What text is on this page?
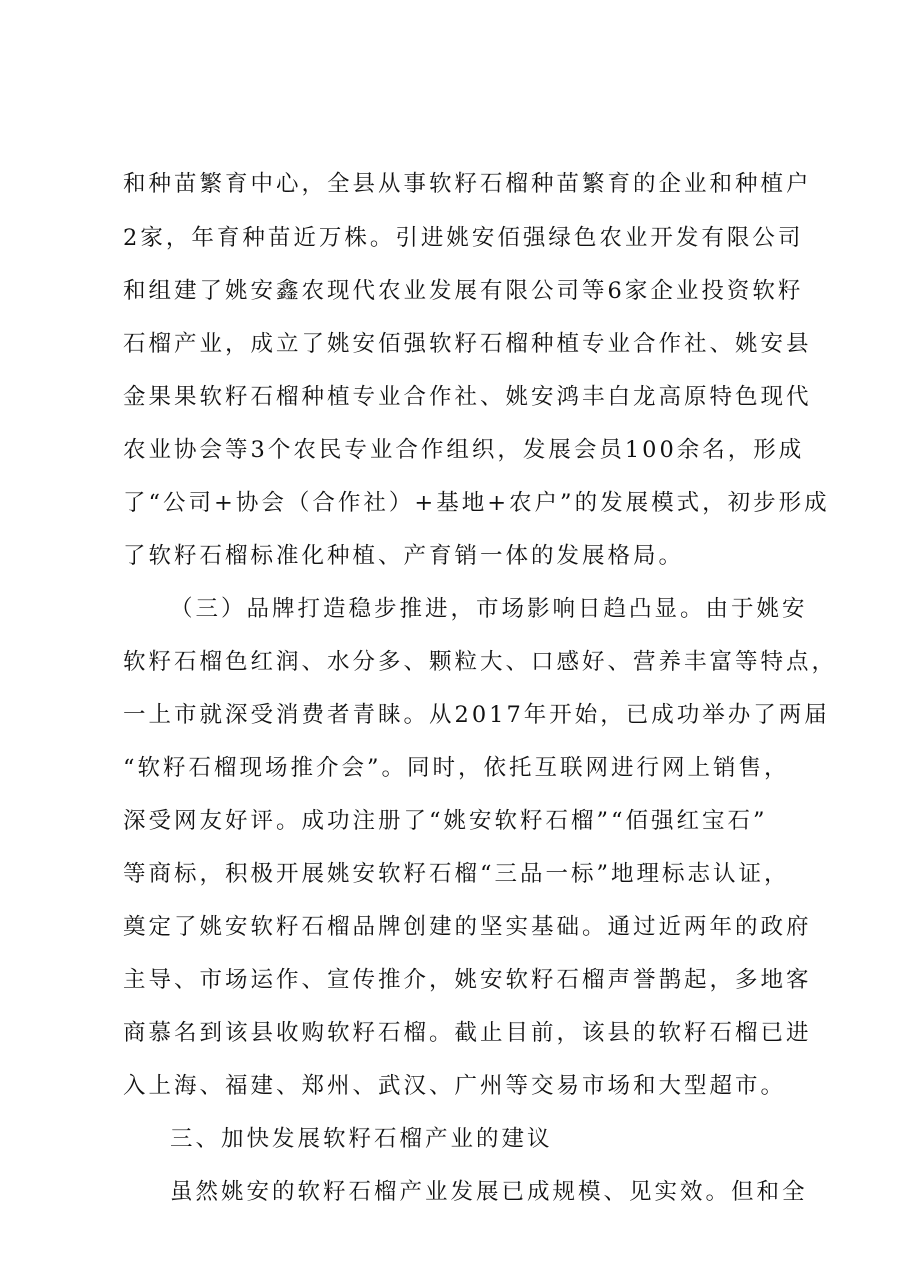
和种苗繁育中心，全县从事软籽石榴种苗繁育的企业和种植户
2家，年育种苗近万株。引进姚安佰强绿色农业开发有限公司
和组建了姚安鑫农现代农业发展有限公司等6家企业投资软籽
石榴产业，成立了姚安佰强软籽石榴种植专业合作社、姚安县
金果果软籽石榴种植专业合作社、姚安鸿丰白龙高原特色现代
农业协会等3个农民专业合作组织，发展会员100余名，形成
了“公司+协会（合作社）+基地+农户”的发展模式，初步形成
了软籽石榴标准化种植、产育销一体的发展格局。
（三）品牌打造稳步推进，市场影响日趋凸显。由于姚安
软籽石榴色红润、水分多、颗粒大、口感好、营养丰富等特点，
一上市就深受消费者青睐。从2017年开始，已成功举办了两届
“软籽石榴现场推介会”。同时，依托互联网进行网上销售，
深受网友好评。成功注册了“姚安软籽石榴”“佰强红宝石”
等商标，积极开展姚安软籽石榴“三品一标”地理标志认证，
奠定了姚安软籽石榴品牌创建的坚实基础。通过近两年的政府
主导、市场运作、宣传推介，姚安软籽石榴声誉鹊起，多地客
商慕名到该县收购软籽石榴。截止目前，该县的软籽石榴已进
入上海、福建、郑州、武汉、广州等交易市场和大型超市。
三、加快发展软籽石榴产业的建议
虽然姚安的软籽石榴产业发展已成规模、见实效。但和全
